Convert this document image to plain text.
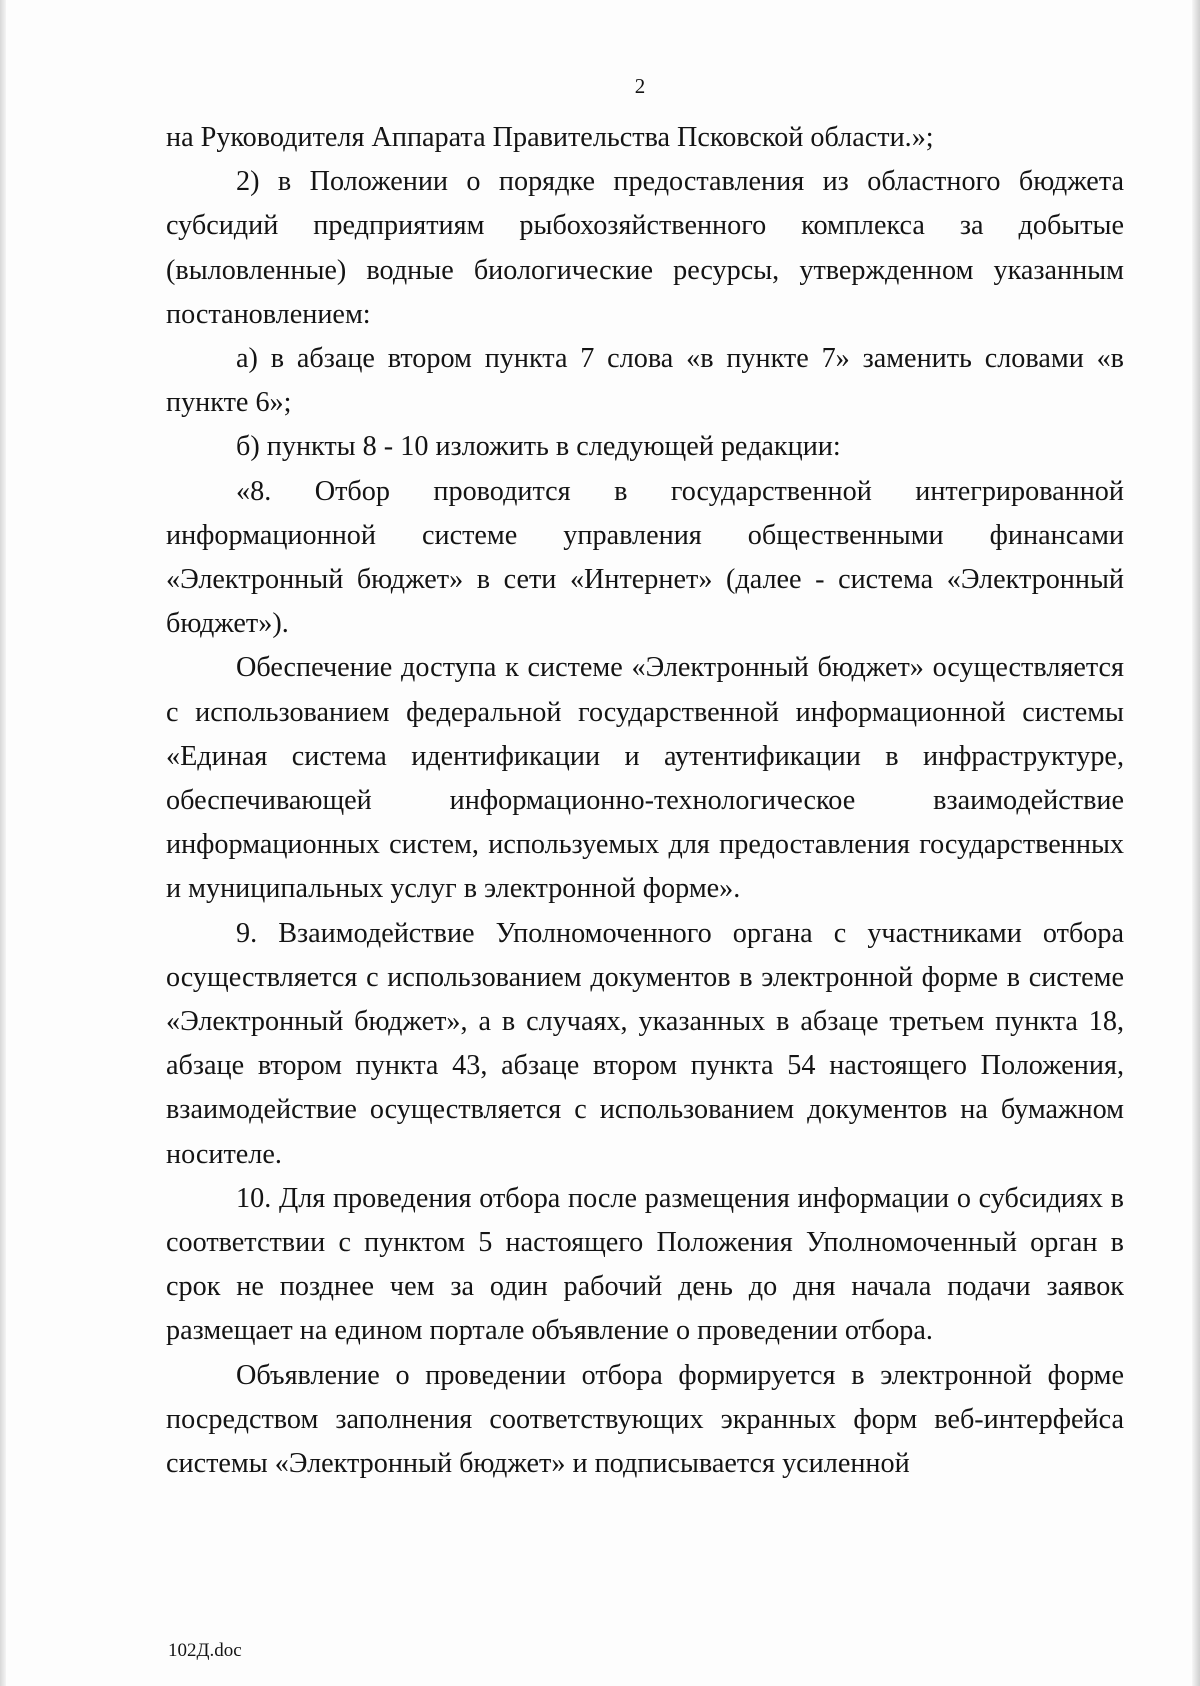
2

на Руководителя Аппарата Правительства Псковской области.»;

2) в Положении о порядке предоставления из областного бюджета субсидий предприятиям рыбохозяйственного комплекса за добытые (выловленные) водные биологические ресурсы, утвержденном указанным постановлением:

а) в абзаце втором пункта 7 слова «в пункте 7» заменить словами «в пункте 6»;

б) пункты 8 - 10 изложить в следующей редакции:

«8. Отбор проводится в государственной интегрированной информационной системе управления общественными финансами «Электронный бюджет» в сети «Интернет» (далее - система «Электронный бюджет»).

Обеспечение доступа к системе «Электронный бюджет» осуществляется с использованием федеральной государственной информационной системы «Единая система идентификации и аутентификации в инфраструктуре, обеспечивающей информационно-технологическое взаимодействие информационных систем, используемых для предоставления государственных и муниципальных услуг в электронной форме».

9. Взаимодействие Уполномоченного органа с участниками отбора осуществляется с использованием документов в электронной форме в системе «Электронный бюджет», а в случаях, указанных в абзаце третьем пункта 18, абзаце втором пункта 43, абзаце втором пункта 54 настоящего Положения, взаимодействие осуществляется с использованием документов на бумажном носителе.

10. Для проведения отбора после размещения информации о субсидиях в соответствии с пунктом 5 настоящего Положения Уполномоченный орган в срок не позднее чем за один рабочий день до дня начала подачи заявок размещает на едином портале объявление о проведении отбора.

Объявление о проведении отбора формируется в электронной форме посредством заполнения соответствующих экранных форм веб-интерфейса системы «Электронный бюджет» и подписывается усиленной

102Д.doc
